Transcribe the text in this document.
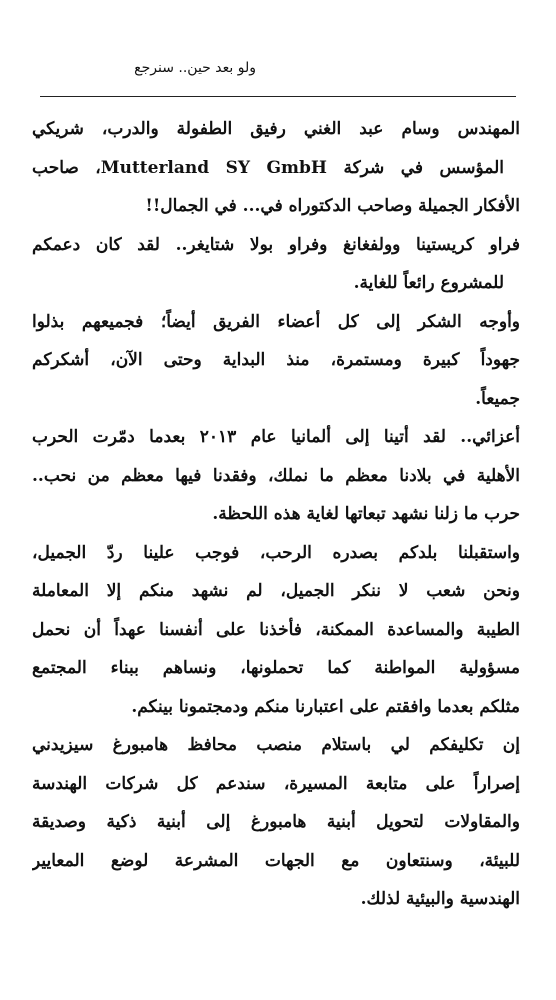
ولو بعد حين.. سنرجع
المهندس وسام عبد الغني رفيق الطفولة والدرب، شريكي
المؤسس في شركة Mutterland SY GmbH، صاحب
الأفكار الجميلة وصاحب الدكتوراه في... في الجمال!!
فراو كريستينا وولفغانغ وفراو بولا شتايغر.. لقد كان دعمكم
للمشروع رائعاً للغاية.
وأوجه الشكر إلى كل أعضاء الفريق أيضاً؛ فجميعهم بذلوا
جهوداً كبيرة ومستمرة، منذ البداية وحتى الآن، أشكركم
جميعاً.
أعزائي.. لقد أتينا إلى ألمانيا عام ٢٠١٣ بعدما دمّرت الحرب
الأهلية في بلادنا معظم ما نملك، وفقدنا فيها معظم من نحب..
حرب ما زلنا نشهد تبعاتها لغاية هذه اللحظة.
واستقبلنا بلدكم بصدره الرحب، فوجب علينا ردّ الجميل،
ونحن شعب لا ننكر الجميل، لم نشهد منكم إلا المعاملة
الطيبة والمساعدة الممكنة، فأخذنا على أنفسنا عهداً أن نحمل
مسؤولية المواطنة كما تحملونها، ونساهم ببناء المجتمع
مثلكم بعدما وافقتم على اعتبارنا منكم ودمجتمونا بينكم.
إن تكليفكم لي باستلام منصب محافظ هامبورغ سيزيدني
إصراراً على متابعة المسيرة، سندعم كل شركات الهندسة
والمقاولات لتحويل أبنية هامبورغ إلى أبنية ذكية وصديقة
للبيئة، وسنتعاون مع الجهات المشرعة لوضع المعايير
الهندسية والبيئية لذلك.
